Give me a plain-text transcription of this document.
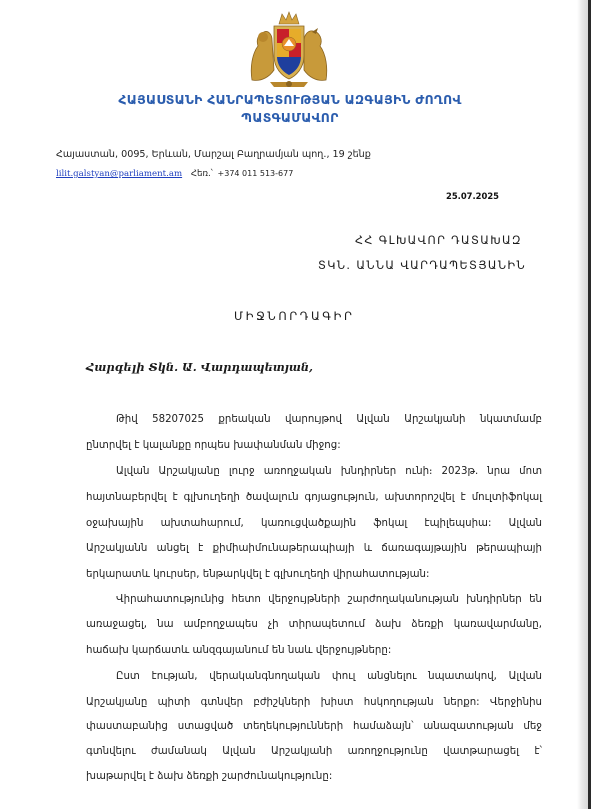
ՀԱՅԱՍՏԱՆԻ ՀԱՆՐԱՊԵՏՈՒԹՅԱՆ ԱԶԳԱՅԻՆ ԺՈՂՈՎ
ՊԱՏԳԱՄԱՎՈՐ
Հայաստան, 0095, Երևան, Մարշալ Բաղրամյան պող., 19 շենք
lilit.galstyan@parliament.am Հեռ.՝ +374 011 513-677
25.07.2025
ՀՀ ԳԼԽԱՎՈՐ ԴԱՏԱԽԱԶ
ՏԿՆ. ԱՆՆԱ ՎԱՐԴԱՊԵՏՅԱՆԻՆ
ՄԻՋՆՈՐԴԱԳԻՐ
Հարգելի Տկն. Ա. Վարդապետյան,
Թիվ 58207025 քրեական վարույթով Ալվան Արշակյանի նկատմամբ
ընտրվել է կալանքը որպես խափանման միջոց:
Ալվան Արշակյանը լուրջ առողջական խնդիրներ ունի։ 2023թ. նրա մոտ
հայտնաբերվել է գլխուղեղի ծավալուն գոյացություն, ախտորոշվել է մուլտիֆոկալ
օջախային ախտահարում, կառուցվածքային ֆոկալ էպիլեպսիա: Ալվան
Արշակյանն անցել է քիմիաիմունաթերապիայի և ճառագայթային թերապիայի
երկարատև կուրսեր, ենթարկվել է գլխուղեղի վիրահատության:
Վիրահատությունից հետո վերջույթների շարժողականության խնդիրներ են
առաջացել, նա ամբողջապես չի տիրապետում ձախ ձեռքի կառավարմանը,
հաճախ կարճատև անզգայանում են նաև վերջույթները:
Ըստ էության, վերականգնողական փուլ անցնելու նպատակով, Ալվան
Արշակյանը պիտի գտնվեր բժիշկների խիստ հսկողության ներքո: Վերջինիս
փաստաբանից ստացված տեղեկությունների համաձայն՝ անազատության մեջ
գտնվելու ժամանակ Ալվան Արշակյանի առողջությունը վատթարացել է՝
խաթարվել է ձախ ձեռքի շարժունակությունը:
